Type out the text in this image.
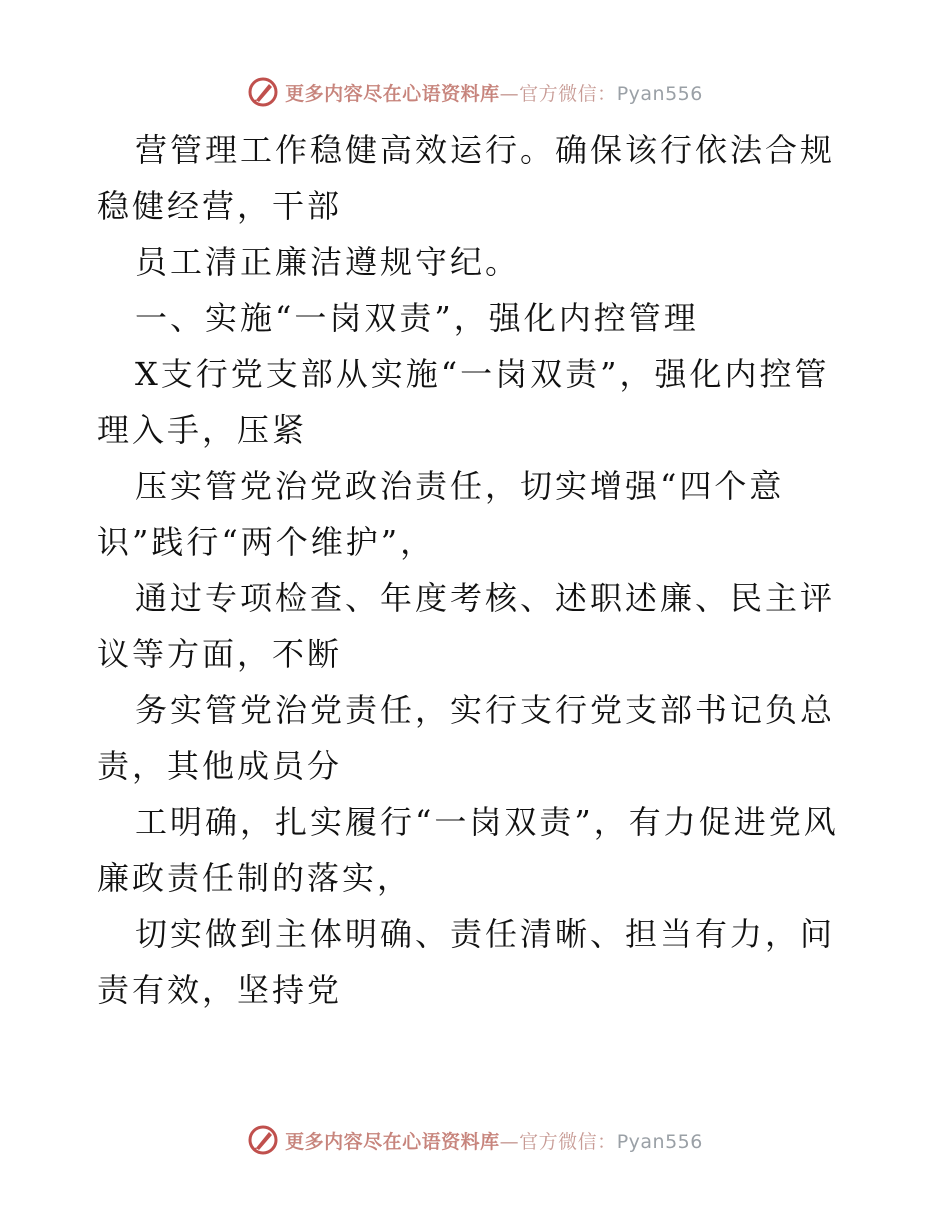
更多内容尽在心语资料库—官方微信：Pyan556

营管理工作稳健高效运行。确保该行依法合规稳健经营，干部

员工清正廉洁遵规守纪。

一、实施“一岗双责”，强化内控管理

X支行党支部从实施“一岗双责”，强化内控管理入手，压紧

压实管党治党政治责任，切实增强“四个意识”践行“两个维护”，

通过专项检查、年度考核、述职述廉、民主评议等方面，不断

务实管党治党责任，实行支行党支部书记负总责，其他成员分

工明确，扎实履行“一岗双责”，有力促进党风廉政责任制的落实，

切实做到主体明确、责任清晰、担当有力，问责有效，坚持党

更多内容尽在心语资料库—官方微信：Pyan556
